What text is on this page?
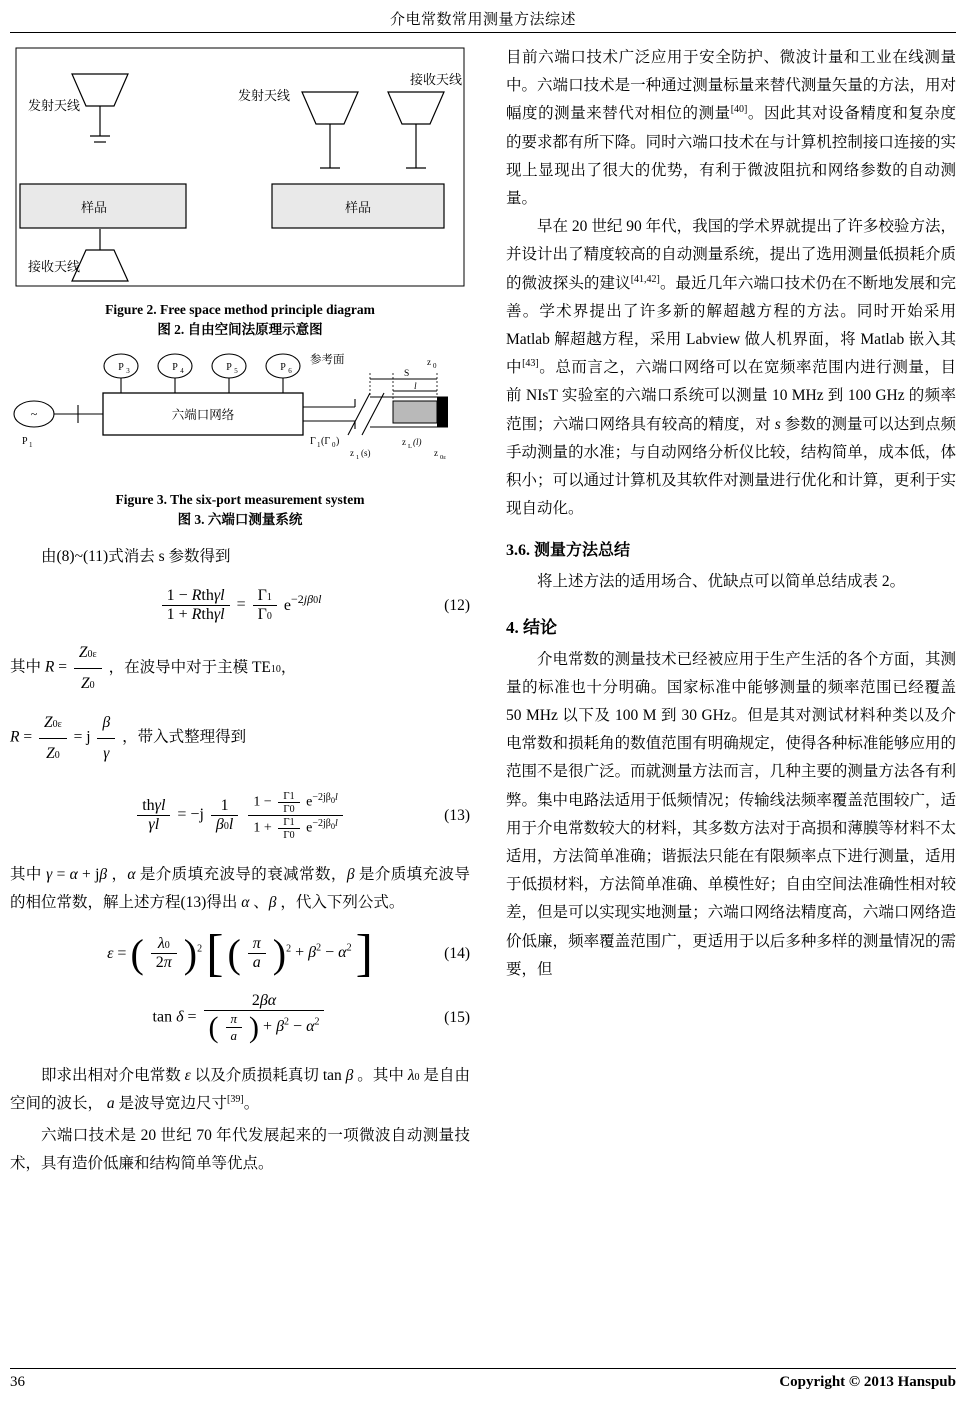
介电常数常用测量方法综述
发射天线
样品
接收天线
发射天线
接收天线
样品
Figure 2. Free space method principle diagram
图 2. 自由空间法原理示意图
P 3	P 4	P 5	P 6
六端口网络
~
P 1
S
l
z 0
参考面
Γ 1 (Γ 0 )
z 1 (s)
z L (l)
z 0ε
Figure 3. The six-port measurement system
图 3. 六端口测量系统

由(8)~(11)式消去 s 参数得到

$\frac{\text{1 − Rthγl}}{\text{1 + Rthγl}} = \frac{\Gamma 1}{\Gamma 0} e^{-2j\beta 0l}$	(12)
其中 $R = \frac{Z0\varepsilon}{Z0}$ ，在波导中对于主模 TE10，
$R = \frac{Z0\varepsilon}{Z0} = j \frac{\beta}{\gamma}$ ，带入式整理得到
$\frac{\text{thγl}}{\gamma l} = -j \frac{1}{\beta 0l}$
	$1 - \frac{\Gamma 1}{\Gamma 0} e^{-2j\beta_0l}$
$1 + \frac{\Gamma 1}{\Gamma 0} e^{-2j\beta_0l}$
(13)

其中 γ = α + jβ ，α 是介质填充波导的衰减常数，β 是介质填充波导的相位常数，解上述方程(13)得出 α 、β ，代入下列公式。

ε = ( $\frac{\lambda 0}{2\pi} )^2$ [ ( $\frac{\pi}{a} )^2 + \beta^2 - \alpha^2$ ]	(14)
tan δ =
2βα
( $\frac{\pi}{a}$ ) + $\beta^2 - \alpha^2$	(15)

即求出相对介电常数 ε 以及介质损耗真切 tan β 。其中 λ0 是自由空间的波长， a 是波导宽边尺寸[39]。

六端口技术是 20 世纪 70 年代发展起来的一项微波自动测量技术，具有造价低廉和结构简单等优点。

目前六端口技术广泛应用于安全防护、微波计量和工业在线测量中。六端口技术是一种通过测量标量来替代测量矢量的方法，用对幅度的测量来替代对相位的测量[40]。因此其对设备精度和复杂度的要求都有所下降。同时六端口技术在与计算机控制接口连接的实现上显现出了很大的优势，有利于微波阻抗和网络参数的自动测量。

早在 20 世纪 90 年代，我国的学术界就提出了许多校验方法，并设计出了精度较高的自动测量系统，提出了选用测量低损耗介质的微波探头的建议[41,42]。最近几年六端口技术仍在不断地发展和完善。学术界提出了许多新的解超越方程的方法。同时开始采用 Matlab 解超越方程，采用 Labview 做人机界面，将 Matlab 嵌入其中[43]。总而言之，六端口网络可以在宽频率范围内进行测量，目前 NIsT 实验室的六端口系统可以测量 10 MHz 到 100 GHz 的频率范围；六端口网络具有较高的精度，对 s 参数的测量可以达到点频手动测量的水准；与自动网络分析仪比较，结构简单，成本低，体积小；可以通过计算机及其软件对测量进行优化和计算，更利于实现自动化。

3.6. 测量方法总结

将上述方法的适用场合、优缺点可以简单总结成表 2。

4. 结论

介电常数的测量技术已经被应用于生产生活的各个方面，其测量的标准也十分明确。国家标准中能够测量的频率范围已经覆盖 50 MHz 以下及 100 M 到 30 GHz。但是其对测试材料种类以及介电常数和损耗角的数值范围有明确规定，使得各种标准能够应用的范围不是很广泛。而就测量方法而言，几种主要的测量方法各有利弊。集中电路法适用于低频情况；传输线法频率覆盖范围较广，适用于介电常数较大的材料，其多数方法对于高损和薄膜等材料不太适用，方法简单准确；谐振法只能在有限频率点下进行测量，适用于低损材料，方法简单准确、单模性好；自由空间法准确性相对较差，但是可以实现实地测量；六端口网络法精度高，六端口网络造价低廉，频率覆盖范围广，更适用于以后多种多样的测量情况的需要，但

36	Copyright © 2013 Hanspub
